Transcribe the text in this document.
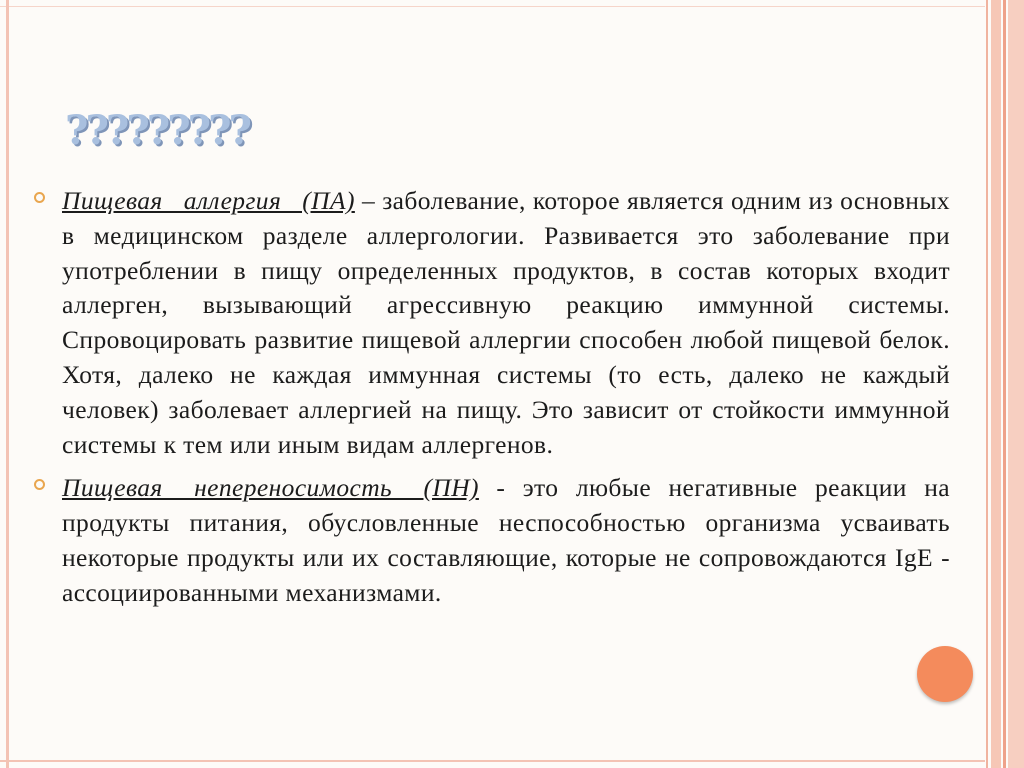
?????????

Пищевая аллергия (ПА) – заболевание, которое является одним из основных в медицинском разделе аллергологии. Развивается это заболевание при употреблении в пищу определенных продуктов, в состав которых входит аллерген, вызывающий агрессивную реакцию иммунной системы. Спровоцировать развитие пищевой аллергии способен любой пищевой белок. Хотя, далеко не каждая иммунная системы (то есть, далеко не каждый человек) заболевает аллергией на пищу. Это зависит от стойкости иммунной системы к тем или иным видам аллергенов.

Пищевая непереносимость (ПН) - это любые негативные реакции на продукты питания, обусловленные неспособностью организма усваивать некоторые продукты или их составляющие, которые не сопровождаются IgE - ассоциированными механизмами.
